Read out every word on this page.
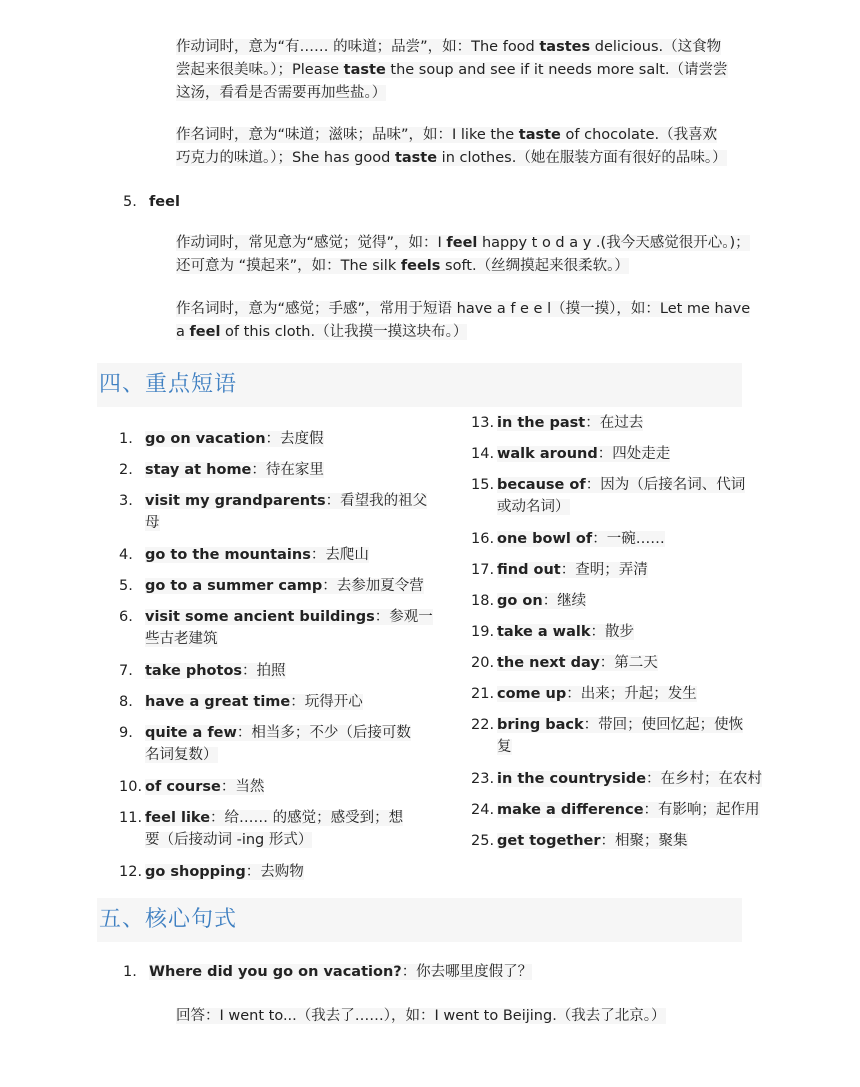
作动词时，意为“有…… 的味道；品尝”，如：The food tastes delicious.（这食物
尝起来很美味。）；Please taste the soup and see if it needs more salt.（请尝尝
这汤，看看是否需要再加些盐。）
作名词时，意为“味道；滋味；品味”，如：I like the taste of chocolate.（我喜欢
巧克力的味道。）；She has good taste in clothes.（她在服装方面有很好的品味。）
5. feel
作动词时，常见意为“感觉；觉得”，如：I feel happy t o d a y .(我今天感觉很开心。)；
还可意为 “摸起来”，如：The silk feels soft.（丝绸摸起来很柔软。）
作名词时，意为“感觉；手感”，常用于短语 have a f e e l（摸一摸），如：Let me have
a feel of this cloth.（让我摸一摸这块布。）
四、重点短语
1. go on vacation：去度假
2. stay at home：待在家里
3. visit my grandparents：看望我的祖父
母
4. go to the mountains：去爬山
5. go to a summer camp：去参加夏令营
6. visit some ancient buildings：参观一
些古老建筑
7. take photos：拍照
8. have a great time：玩得开心
9. quite a few：相当多；不少（后接可数
名词复数）
10. of course：当然
11. feel like：给…… 的感觉；感受到；想
要（后接动词 -ing 形式）
12. go shopping：去购物
13. in the past：在过去
14. walk around：四处走走
15. because of：因为（后接名词、代词
或动名词）
16. one bowl of：一碗……
17. find out：查明；弄清
18. go on：继续
19. take a walk：散步
20. the next day：第二天
21. come up：出来；升起；发生
22. bring back：带回；使回忆起；使恢
复
23. in the countryside：在乡村；在农村
24. make a difference：有影响；起作用
25. get together：相聚；聚集
五、核心句式
1. Where did you go on vacation?：你去哪里度假了？
回答：I went to...（我去了……），如：I went to Beijing.（我去了北京。）
